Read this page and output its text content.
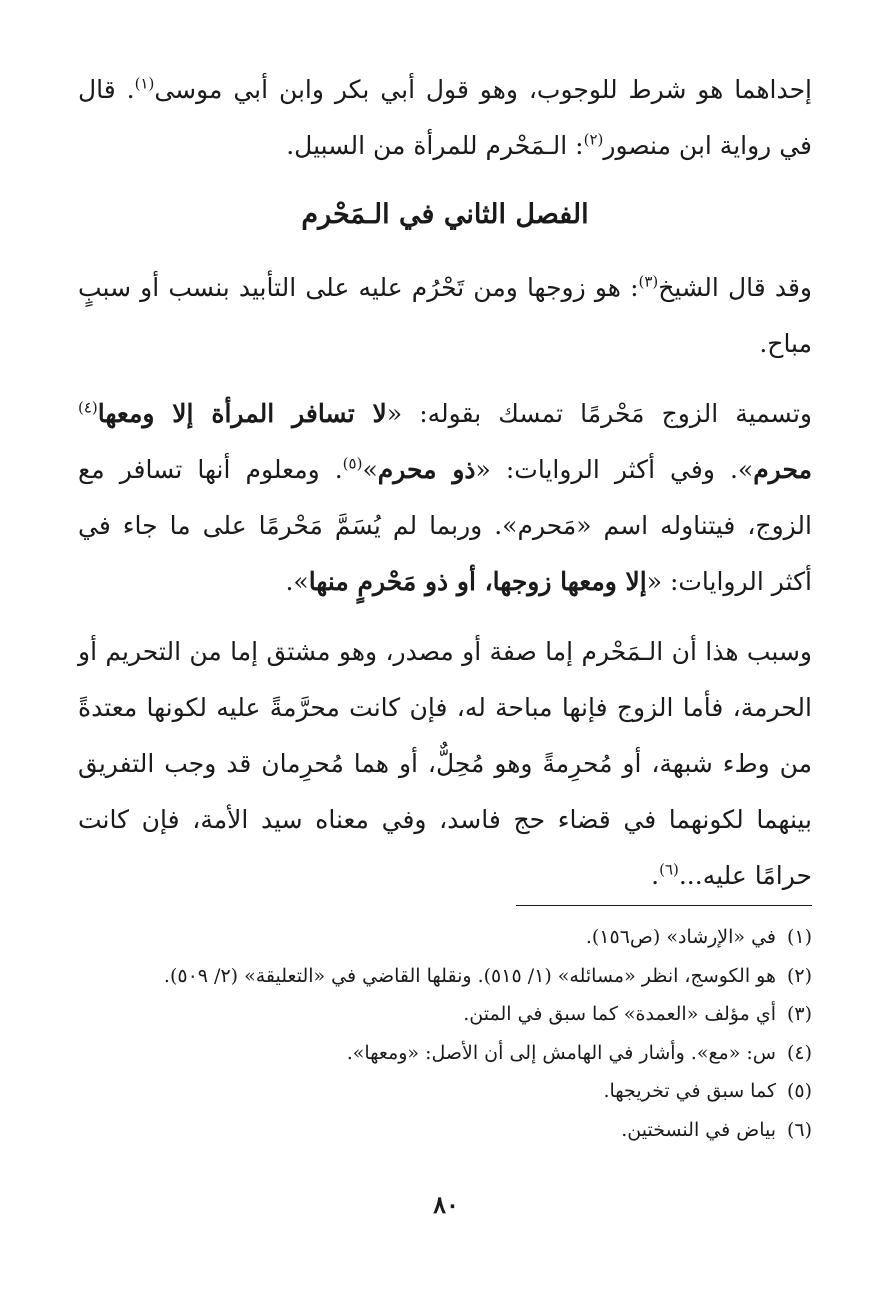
إحداهما هو شرط للوجوب، وهو قول أبي بكر وابن أبي موسى$^{(١)}$. قال في رواية ابن منصور$^{(٢)}$: الـمَحْرم للمرأة من السبيل.

الفصل الثاني في الـمَحْرم

وقد قال الشيخ$^{(٣)}$: هو زوجها ومن تَحْرُم عليه على التأبيد بنسب أو سببٍ مباح.

وتسمية الزوج مَحْرمًا تمسك بقوله: «لا تسافر المرأة إلا ومعها$^{(٤)}$ محرم». وفي أكثر الروايات: «ذو محرم»$^{(٥)}$. ومعلوم أنها تسافر مع الزوج، فيتناوله اسم «مَحرم». وربما لم يُسَمَّ مَحْرمًا على ما جاء في أكثر الروايات: «إلا ومعها زوجها، أو ذو مَحْرمٍ منها».

وسبب هذا أن الـمَحْرم إما صفة أو مصدر، وهو مشتق إما من التحريم أو الحرمة، فأما الزوج فإنها مباحة له، فإن كانت محرَّمةً عليه لكونها معتدةً من وطء شبهة، أو مُحرِمةً وهو مُحِلٌّ، أو هما مُحرِمان قد وجب التفريق بينهما لكونهما في قضاء حج فاسد، وفي معناه سيد الأمة، فإن كانت حرامًا عليه...$^{(٦)}$.

(١)
في «الإرشاد» (ص١٥٦).
(٢)
هو الكوسج، انظر «مسائله» (١/ ٥١٥). ونقلها القاضي في «التعليقة» (٢/ ٥٠٩).
(٣)
أي مؤلف «العمدة» كما سبق في المتن.
(٤)
س: «مع». وأشار في الهامش إلى أن الأصل: «ومعها».
(٥)
كما سبق في تخريجها.
(٦)
بياض في النسختين.
٨٠
